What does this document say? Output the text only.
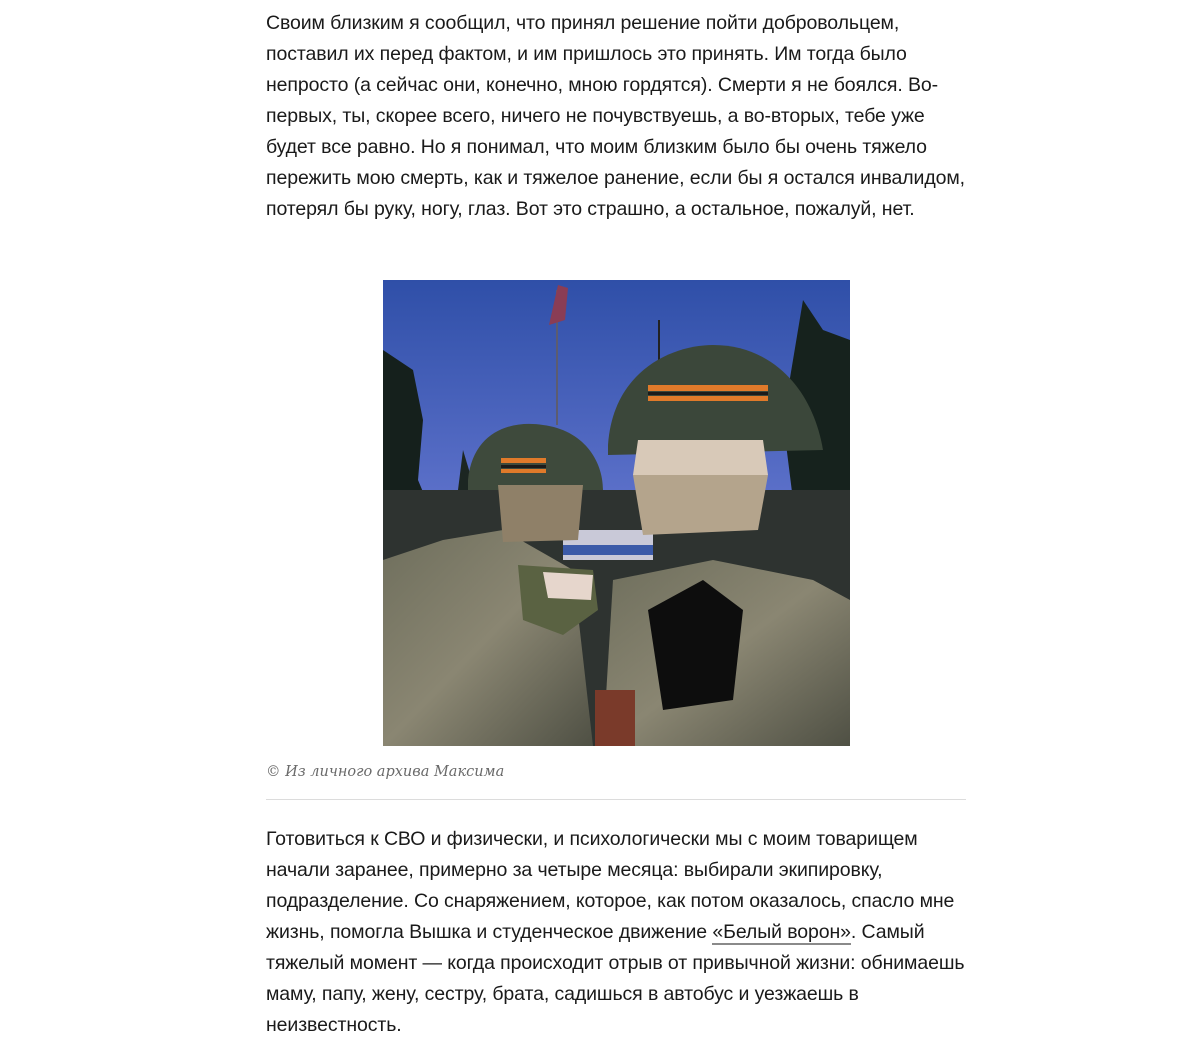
Своим близким я сообщил, что принял решение пойти добровольцем, поставил их перед фактом, и им пришлось это принять. Им тогда было непросто (а сейчас они, конечно, мною гордятся). Смерти я не боялся. Во-первых, ты, скорее всего, ничего не почувствуешь, а во-вторых, тебе уже будет все равно. Но я понимал, что моим близким было бы очень тяжело пережить мою смерть, как и тяжелое ранение, если бы я остался инвалидом, потерял бы руку, ногу, глаз. Вот это страшно, а остальное, пожалуй, нет.

© Из личного архива Максима

Готовиться к СВО и физически, и психологически мы с моим товарищем начали заранее, примерно за четыре месяца: выбирали экипировку, подразделение. Со снаряжением, которое, как потом оказалось, спасло мне жизнь, помогла Вышка и студенческое движение «Белый ворон». Самый тяжелый момент — когда происходит отрыв от привычной жизни: обнимаешь маму, папу, жену, сестру, брата, садишься в автобус и уезжаешь в неизвестность.
